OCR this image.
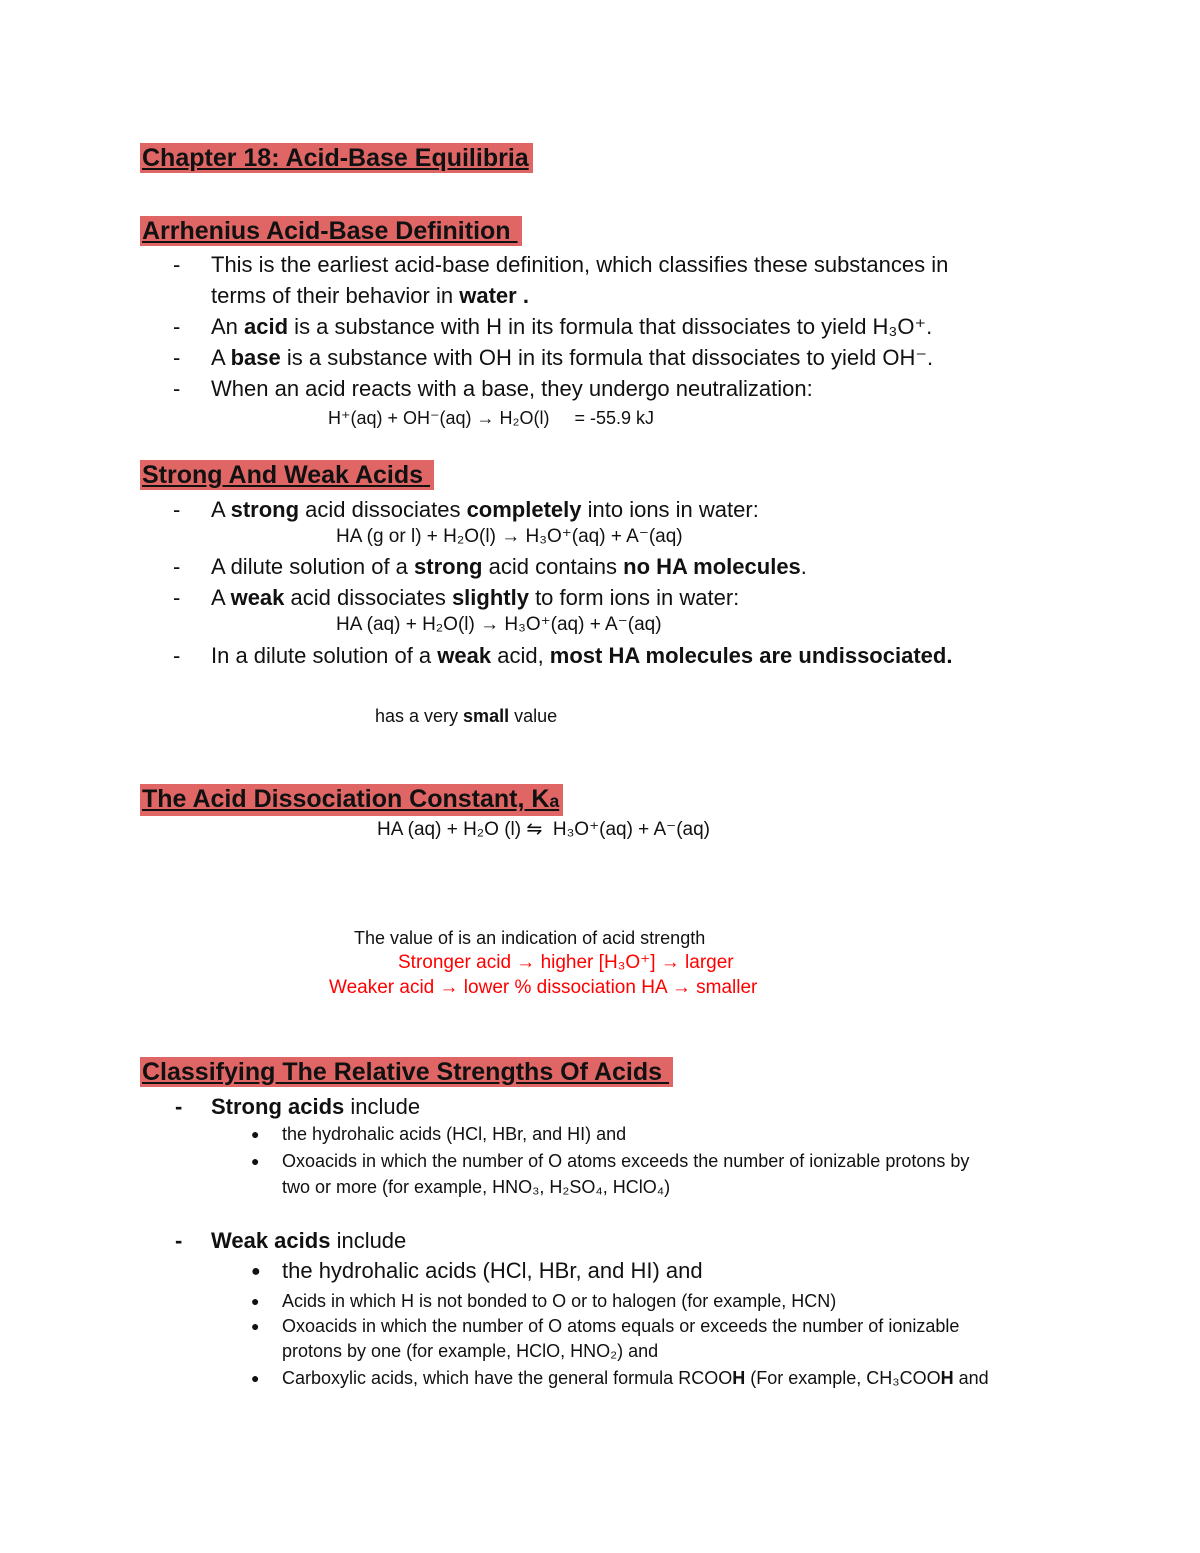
Chapter 18: Acid-Base Equilibria
Arrhenius Acid-Base Definition
- This is the earliest acid-base definition, which classifies these substances in
terms of their behavior in water .
- An acid is a substance with H in its formula that dissociates to yield H₃O⁺.
- A base is a substance with OH in its formula that dissociates to yield OH⁻.
- When an acid reacts with a base, they undergo neutralization:
H⁺(aq) + OH⁻(aq) → H₂O(l)     = -55.9 kJ
Strong And Weak Acids
- A strong acid dissociates completely into ions in water:
HA (g or l) + H₂O(l) → H₃O⁺(aq) + A⁻(aq)
- A dilute solution of a strong acid contains no HA molecules.
- A weak acid dissociates slightly to form ions in water:
HA (aq) + H₂O(l) → H₃O⁺(aq) + A⁻(aq)
- In a dilute solution of a weak acid, most HA molecules are undissociated.
has a very small value
The Acid Dissociation Constant, Ka
HA (aq) + H₂O (l) ⇋  H₃O⁺(aq) + A⁻(aq)
The value of is an indication of acid strength
Stronger acid → higher [H₃O⁺] → larger
Weaker acid → lower % dissociation HA → smaller
Classifying The Relative Strengths Of Acids
- Strong acids include
● the hydrohalic acids (HCl, HBr, and HI) and
● Oxoacids in which the number of O atoms exceeds the number of ionizable protons by
two or more (for example, HNO₃, H₂SO₄, HClO₄)
- Weak acids include
● the hydrohalic acids (HCl, HBr, and HI) and
● Acids in which H is not bonded to O or to halogen (for example, HCN)
● Oxoacids in which the number of O atoms equals or exceeds the number of ionizable
protons by one (for example, HClO, HNO₂) and
● Carboxylic acids, which have the general formula RCOOH (For example, CH₃COOH and
